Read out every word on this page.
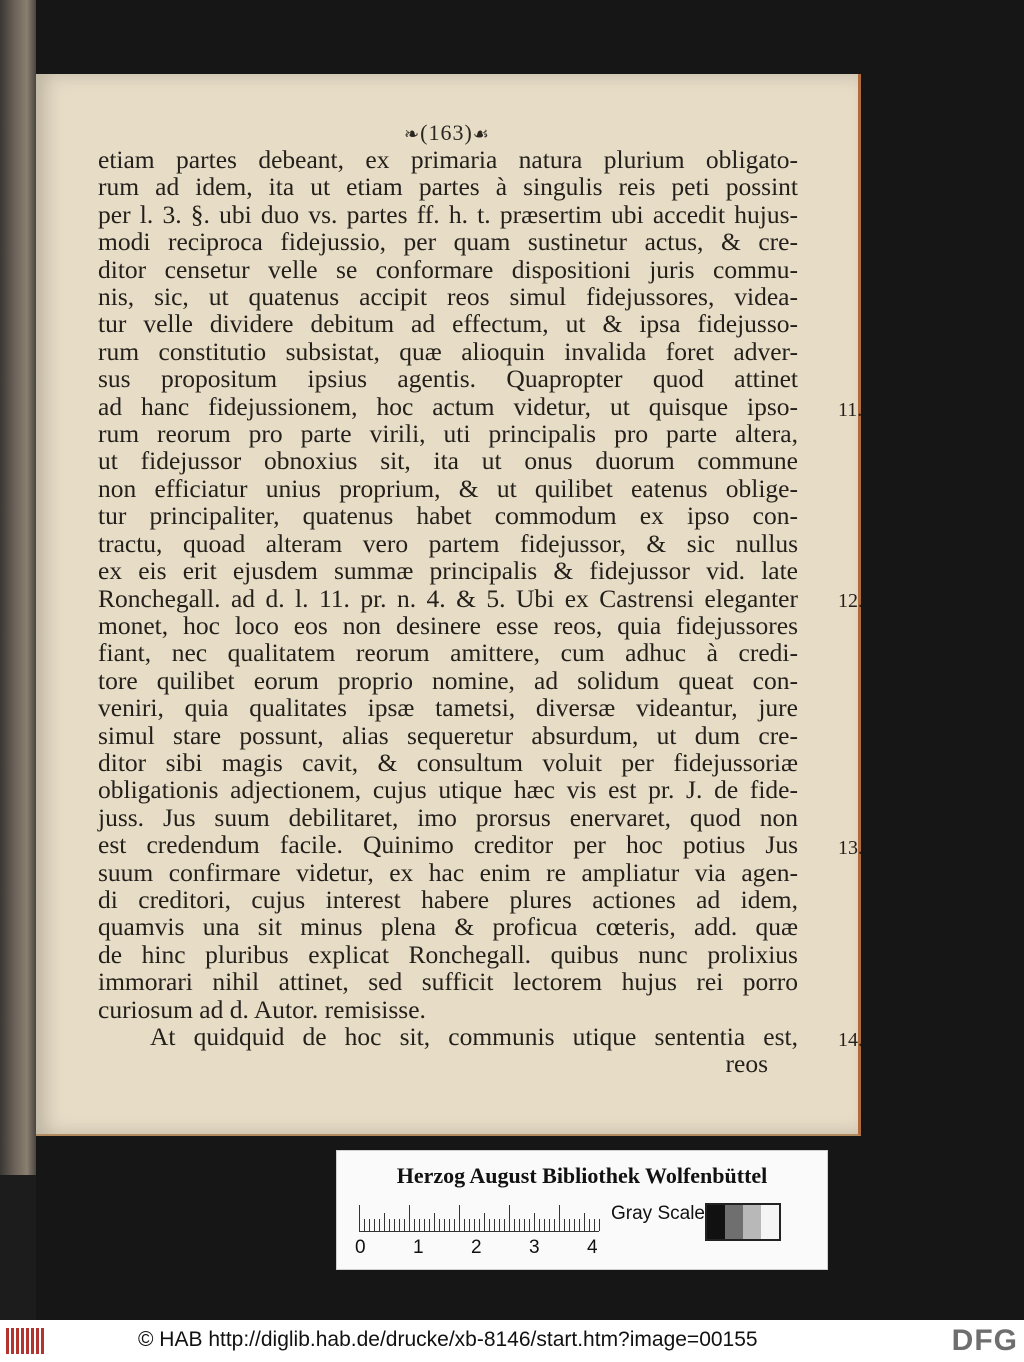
❧(163)☙
etiam partes debeant, ex primaria natura plurium obligato-
rum ad idem, ita ut etiam partes à singulis reis peti possint
per l. 3. §. ubi duo vs. partes ff. h. t. præsertim ubi accedit hujus-
modi reciproca fidejussio, per quam sustinetur actus, & cre-
ditor censetur velle se conformare dispositioni juris commu-
nis, sic, ut quatenus accipit reos simul fidejussores, videa-
tur velle dividere debitum ad effectum, ut & ipsa fidejusso-
rum constitutio subsistat, quæ alioquin invalida foret adver-
sus propositum ipsius agentis. Quapropter quod attinet
ad hanc fidejussionem, hoc actum videtur, ut quisque ipso- 11.
rum reorum pro parte virili, uti principalis pro parte altera,
ut fidejussor obnoxius sit, ita ut onus duorum commune
non efficiatur unius proprium, & ut quilibet eatenus oblige-
tur principaliter, quatenus habet commodum ex ipso con-
tractu, quoad alteram vero partem fidejussor, & sic nullus
ex eis erit ejusdem summæ principalis & fidejussor vid. late
Ronchegall. ad d. l. 11. pr. n. 4. & 5. Ubi ex Castrensi eleganter 12.
monet, hoc loco eos non desinere esse reos, quia fidejussores
fiant, nec qualitatem reorum amittere, cum adhuc à credi-
tore quilibet eorum proprio nomine, ad solidum queat con-
veniri, quia qualitates ipsæ tametsi, diversæ videantur, jure
simul stare possunt, alias sequeretur absurdum, ut dum cre-
ditor sibi magis cavit, & consultum voluit per fidejussoriæ
obligationis adjectionem, cujus utique hæc vis est pr. J. de fide-
juss. Jus suum debilitaret, imo prorsus enervaret, quod non
est credendum facile. Quinimo creditor per hoc potius Jus 13.
suum confirmare videtur, ex hac enim re ampliatur via agen-
di creditori, cujus interest habere plures actiones ad idem,
quamvis una sit minus plena & proficua cœteris, add. quæ
de hinc pluribus explicat Ronchegall. quibus nunc prolixius
immorari nihil attinet, sed sufficit lectorem hujus rei porro
curiosum ad d. Autor. remisisse.
At quidquid de hoc sit, communis utique sententia est, 14.
reos
Herzog August Bibliothek Wolfenbüttel
0 1 2 3 4
Gray Scale
© HAB http://diglib.hab.de/drucke/xb-8146/start.htm?image=00155	DFG
